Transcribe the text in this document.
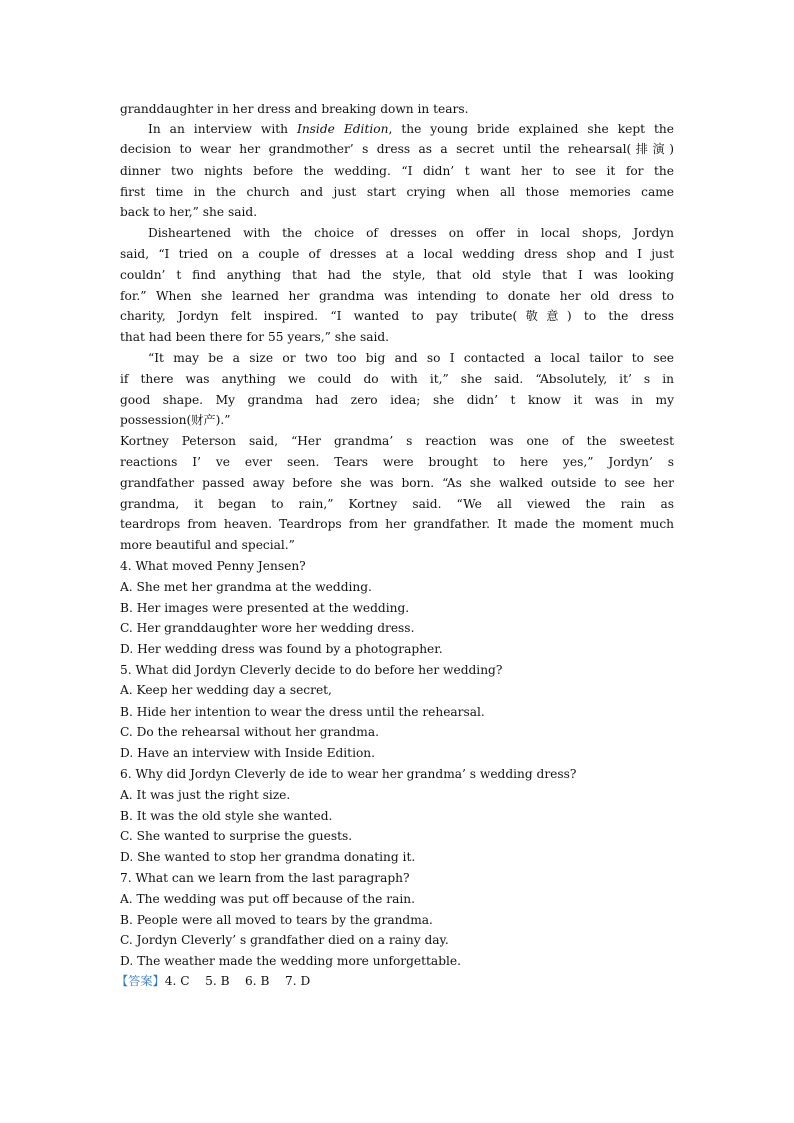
granddaughter in her dress and breaking down in tears.
In an interview with Inside Edition, the young bride explained she kept the
decision to wear her grandmother’ s dress as a secret until the rehearsal(排演)
dinner two nights before the wedding. “I didn’ t want her to see it for the
first time in the church and just start crying when all those memories came
back to her,” she said.
Disheartened with the choice of dresses on offer in local shops, Jordyn
said, “I tried on a couple of dresses at a local wedding dress shop and I just
couldn’ t find anything that had the style, that old style that I was looking
for.” When she learned her grandma was intending to donate her old dress to
charity, Jordyn felt inspired. “I wanted to pay tribute(敬意) to the dress
that had been there for 55 years,” she said.
“It may be a size or two too big and so I contacted a local tailor to see
if there was anything we could do with it,” she said. “Absolutely, it’ s in
good shape. My grandma had zero idea; she didn’ t know it was in my
possession(财产).”
Kortney Peterson said, “Her grandma’ s reaction was one of the sweetest
reactions I’ ve ever seen. Tears were brought to here yes,” Jordyn’ s
grandfather passed away before she was born. “As she walked outside to see her
grandma, it began to rain,” Kortney said. “We all viewed the rain as
teardrops from heaven. Teardrops from her grandfather. It made the moment much
more beautiful and special.”
4. What moved Penny Jensen?
A. She met her grandma at the wedding.
B. Her images were presented at the wedding.
C. Her granddaughter wore her wedding dress.
D. Her wedding dress was found by a photographer.
5. What did Jordyn Cleverly decide to do before her wedding?
A. Keep her wedding day a secret,
B. Hide her intention to wear the dress until the rehearsal.
C. Do the rehearsal without her grandma.
D. Have an interview with Inside Edition.
6. Why did Jordyn Cleverly de ide to wear her grandma’ s wedding dress?
A. It was just the right size.
B. It was the old style she wanted.
C. She wanted to surprise the guests.
D. She wanted to stop her grandma donating it.
7. What can we learn from the last paragraph?
A. The wedding was put off because of the rain.
B. People were all moved to tears by the grandma.
C. Jordyn Cleverly’ s grandfather died on a rainy day.
D. The weather made the wedding more unforgettable.
【答案】4. C    5. B    6. B    7. D
